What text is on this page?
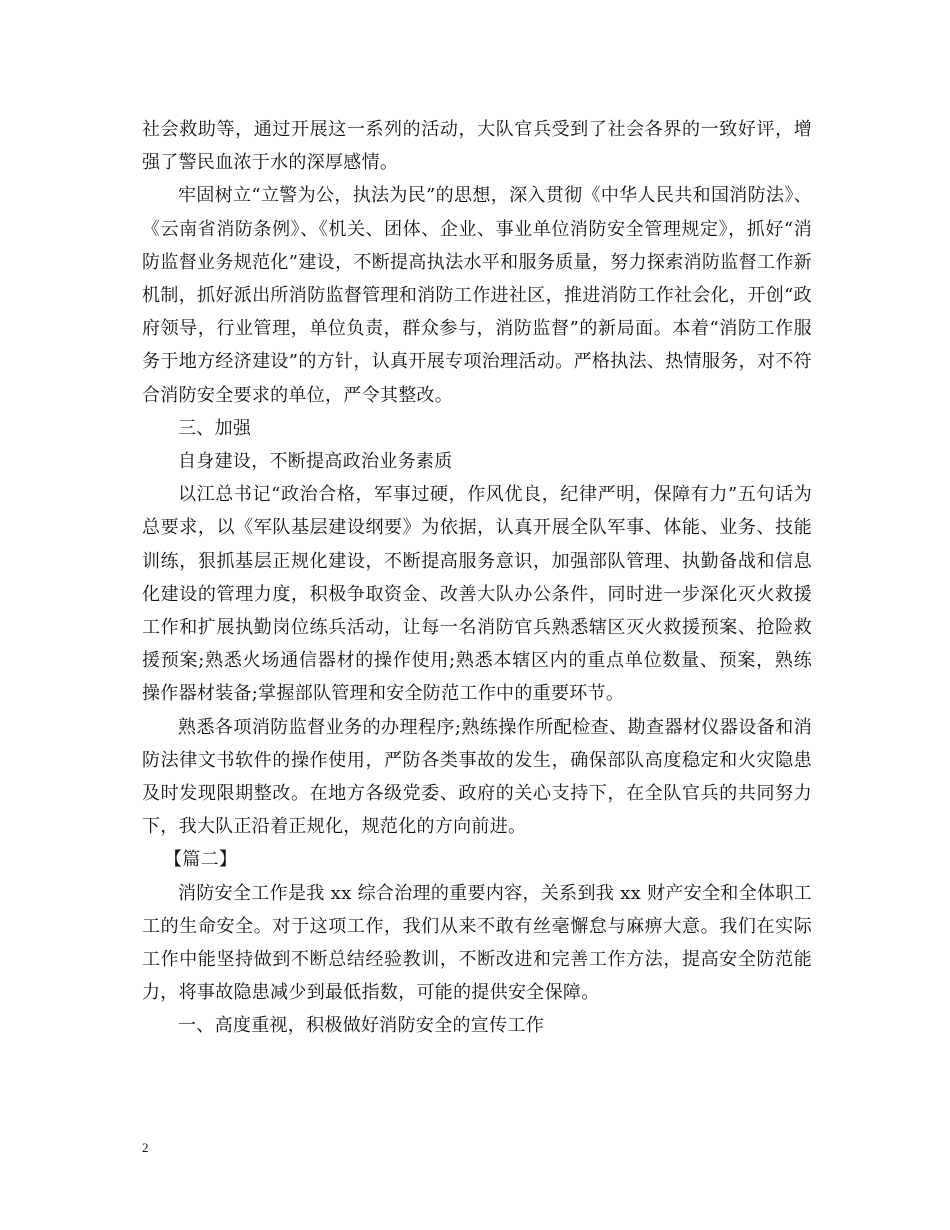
社会救助等，通过开展这一系列的活动，大队官兵受到了社会各界的一致好评，增强了警民血浓于水的深厚感情。

牢固树立“立警为公，执法为民”的思想，深入贯彻《中华人民共和国消防法》、《云南省消防条例》、《机关、团体、企业、事业单位消防安全管理规定》，抓好“消防监督业务规范化”建设，不断提高执法水平和服务质量，努力探索消防监督工作新机制，抓好派出所消防监督管理和消防工作进社区，推进消防工作社会化，开创“政府领导，行业管理，单位负责，群众参与，消防监督”的新局面。本着“消防工作服务于地方经济建设”的方针，认真开展专项治理活动。严格执法、热情服务，对不符合消防安全要求的单位，严令其整改。

三、加强

自身建设，不断提高政治业务素质

以江总书记“政治合格，军事过硬，作风优良，纪律严明，保障有力”五句话为总要求，以《军队基层建设纲要》为依据，认真开展全队军事、体能、业务、技能训练，狠抓基层正规化建设，不断提高服务意识，加强部队管理、执勤备战和信息化建设的管理力度，积极争取资金、改善大队办公条件，同时进一步深化灭火救援工作和扩展执勤岗位练兵活动，让每一名消防官兵熟悉辖区灭火救援预案、抢险救援预案;熟悉火场通信器材的操作使用;熟悉本辖区内的重点单位数量、预案，熟练操作器材装备;掌握部队管理和安全防范工作中的重要环节。

熟悉各项消防监督业务的办理程序;熟练操作所配检查、勘查器材仪器设备和消防法律文书软件的操作使用，严防各类事故的发生，确保部队高度稳定和火灾隐患及时发现限期整改。在地方各级党委、政府的关心支持下，在全队官兵的共同努力下，我大队正沿着正规化，规范化的方向前进。

【篇二】

消防安全工作是我 xx 综合治理的重要内容，关系到我 xx 财产安全和全体职工工的生命安全。对于这项工作，我们从来不敢有丝毫懈怠与麻痹大意。我们在实际工作中能坚持做到不断总结经验教训，不断改进和完善工作方法，提高安全防范能力，将事故隐患减少到最低指数，可能的提供安全保障。

一、高度重视，积极做好消防安全的宣传工作

2
